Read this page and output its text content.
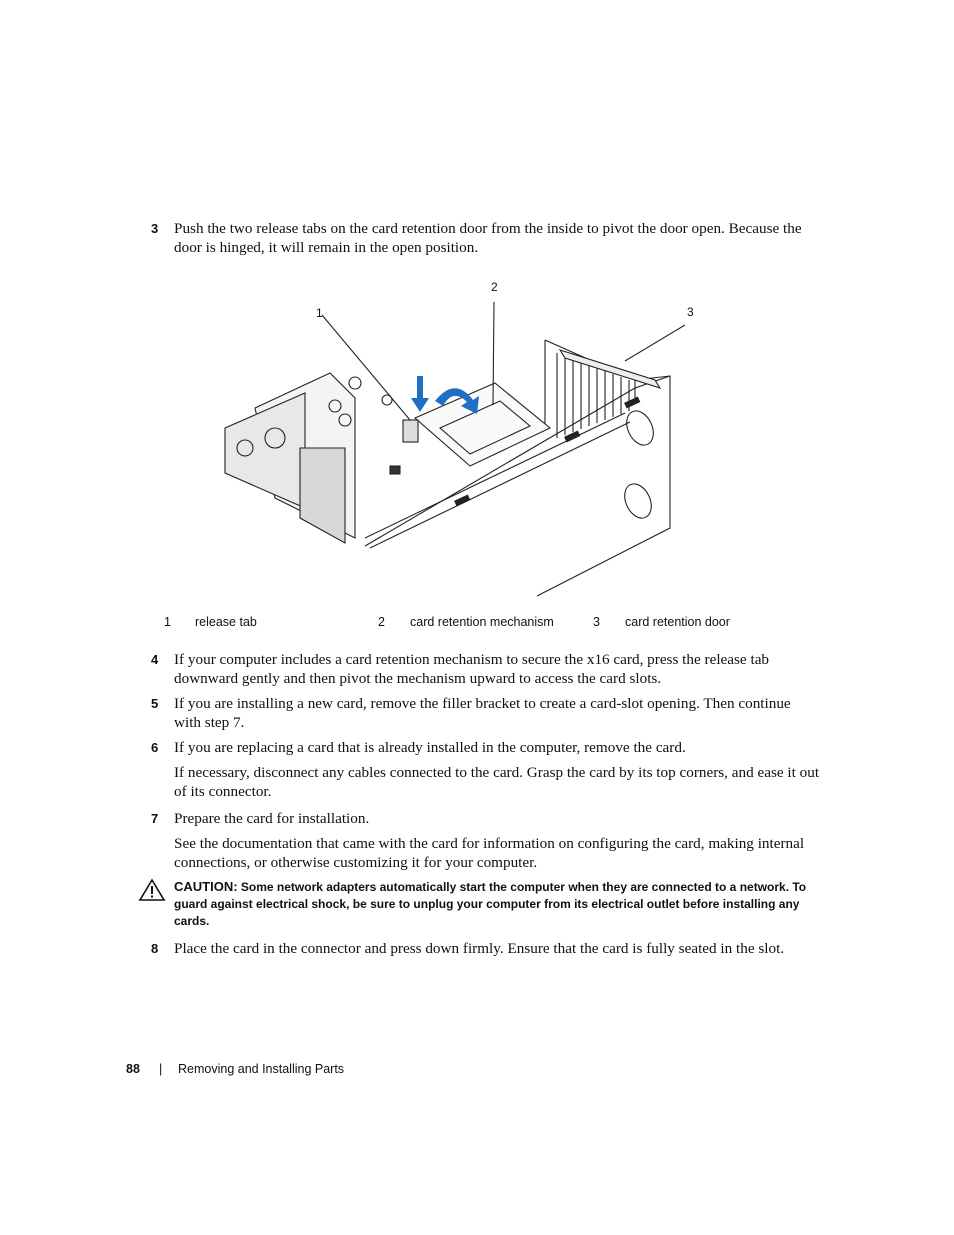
3 Push the two release tabs on the card retention door from the inside to pivot the door open. Because the door is hinged, it will remain in the open position.
1
2
3
1 release tab	2 card retention mechanism	3 card retention door
4 If your computer includes a card retention mechanism to secure the x16 card, press the release tab downward gently and then pivot the mechanism upward to access the card slots.
5 If you are installing a new card, remove the filler bracket to create a card-slot opening. Then continue with step 7.
6 If you are replacing a card that is already installed in the computer, remove the card.
If necessary, disconnect any cables connected to the card. Grasp the card by its top corners, and ease it out of its connector.
7 Prepare the card for installation.
See the documentation that came with the card for information on configuring the card, making internal connections, or otherwise customizing it for your computer.
CAUTION: Some network adapters automatically start the computer when they are connected to a network. To guard against electrical shock, be sure to unplug your computer from its electrical outlet before installing any cards.
8 Place the card in the connector and press down firmly. Ensure that the card is fully seated in the slot.
88 | Removing and Installing Parts
